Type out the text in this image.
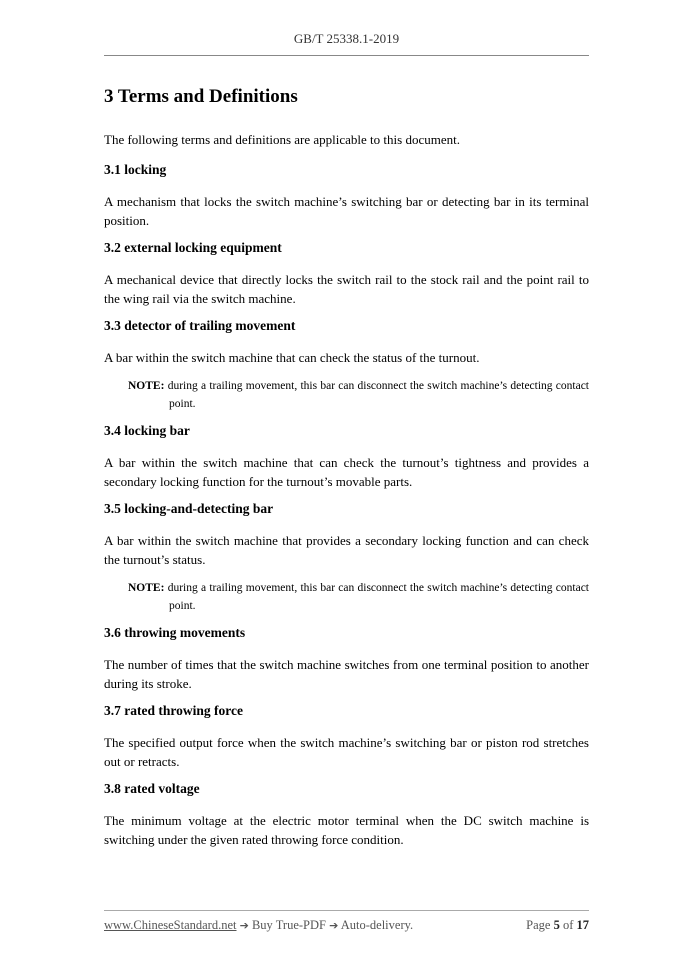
GB/T 25338.1-2019
3 Terms and Definitions

The following terms and definitions are applicable to this document.

3.1 locking

A mechanism that locks the switch machine’s switching bar or detecting bar in its terminal position.

3.2 external locking equipment

A mechanical device that directly locks the switch rail to the stock rail and the point rail to the wing rail via the switch machine.

3.3 detector of trailing movement

A bar within the switch machine that can check the status of the turnout.

NOTE: during a trailing movement, this bar can disconnect the switch machine’s detecting contact point.

3.4 locking bar

A bar within the switch machine that can check the turnout’s tightness and provides a secondary locking function for the turnout’s movable parts.

3.5 locking-and-detecting bar

A bar within the switch machine that provides a secondary locking function and can check the turnout’s status.

NOTE: during a trailing movement, this bar can disconnect the switch machine’s detecting contact point.

3.6 throwing movements

The number of times that the switch machine switches from one terminal position to another during its stroke.

3.7 rated throwing force

The specified output force when the switch machine’s switching bar or piston rod stretches out or retracts.

3.8 rated voltage

The minimum voltage at the electric motor terminal when the DC switch machine is switching under the given rated throwing force condition.

www.ChineseStandard.net ➔ Buy True-PDF ➔ Auto-delivery.	Page 5 of 17
